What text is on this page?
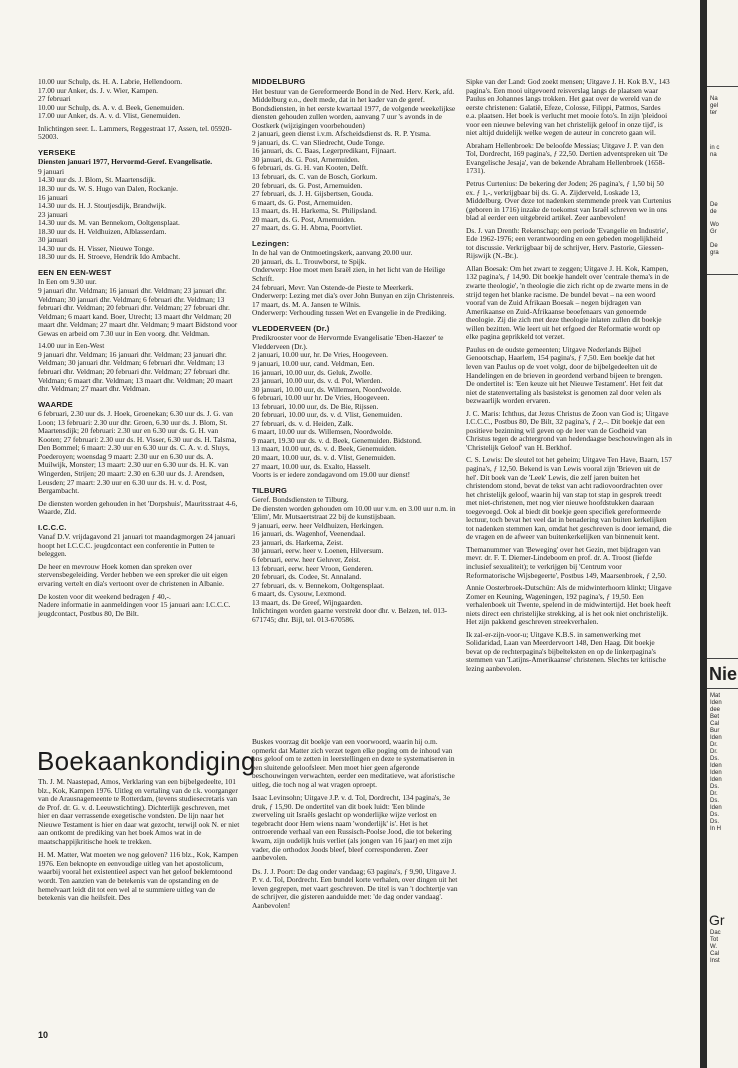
10.00 uur Schulp, ds. H. A. Labrie, Hellendoorn.
17.00 uur Anker, ds. J. v. Wier, Kampen.
27 februari
10.00 uur Schulp, ds. A. v. d. Beek, Genemuiden.
17.00 uur Anker, ds. A. v. d. Vlist, Genemuiden.

Inlichtingen seer. L. Lammers, Reggestraat 17, Assen, tel. 05920-52003.

YERSEKE
Diensten januari 1977, Hervormd-Geref. Evangelisatie.

9 januari
14.30 uur ds. J. Blom, St. Maartensdijk.
18.30 uur ds. W. S. Hugo van Dalen, Rockanje.
16 januari
14.30 uur ds. H. J. Stoutjesdijk, Brandwijk.
23 januari
14.30 uur ds. M. van Bennekom, Ooltgensplaat.
18.30 uur ds. H. Veldhuizen, Alblasserdam.
30 januari
14.30 uur ds. H. Visser, Nieuwe Tonge.
18.30 uur ds. H. Stroeve, Hendrik Ido Ambacht.

EEN EN EEN-WEST

In Een om 9.30 uur.
9 januari dhr. Veldman; 16 januari dhr. Veldman; 23 januari dhr. Veldman; 30 januari dhr. Veldman; 6 februari dhr. Veldman; 13 februari dhr. Veldman; 20 februari dhr. Veldman; 27 februari dhr. Veldman; 6 maart kand. Boer, Utrecht; 13 maart dhr Veldman; 20 maart dhr. Veldman; 27 maart dhr. Veldman; 9 maart Bidstond voor Gewas en arbeid om 7.30 uur in Een voorg. dhr. Veldman.

14.00 uur in Een-West
9 januari dhr. Veldman; 16 januari dhr. Veldman; 23 januari dhr. Veldman; 30 januari dhr. Veldman; 6 februari dhr. Veldman; 13 februari dhr. Veldman; 20 februari dhr. Veldman; 27 februari dhr. Veldman; 6 maart dhr. Veldman; 13 maart dhr. Veldman; 20 maart dhr. Veldman; 27 maart dhr. Veldman.

WAARDE

6 februari, 2.30 uur ds. J. Hoek, Groenekan; 6.30 uur ds. J. G. van Loon; 13 februari: 2.30 uur dhr. Groen, 6.30 uur ds. J. Blom, St. Maartensdijk; 20 februari: 2.30 uur en 6.30 uur ds. G. H. van Kooten; 27 februari: 2.30 uur ds. H. Visser, 6.30 uur ds. H. Talsma, Den Bommel; 6 maart: 2.30 uur en 6.30 uur ds. C. A. v. d. Sluys, Poederoyen; woensdag 9 maart: 2.30 uur en 6.30 uur ds. A. Muilwijk, Monster; 13 maart: 2.30 uur en 6.30 uur ds. H. K. van Wingerden, Strijen; 20 maart: 2.30 en 6.30 uur ds. J. Arendsen, Leusden; 27 maart: 2.30 uur en 6.30 uur ds. H. v. d. Post, Bergambacht.

De diensten worden gehouden in het 'Dorpshuis', Mauritsstraat 4-6, Waarde, Zld.

I.C.C.C.

Vanaf D.V. vrijdagavond 21 januari tot maandagmorgen 24 januari hoopt het I.C.C.C. jeugdcontact een conferentie in Putten te beleggen.

De heer en mevrouw Hoek komen dan spreken over stervensbegeleiding. Verder hebben we een spreker die uit eigen ervaring vertelt en dia's vertoont over de christenen in Albanie.

De kosten voor dit weekend bedragen ƒ 40,-.
Nadere informatie in aanmeldingen voor 15 januari aan: I.C.C.C. jeugdcontact, Postbus 80, De Bilt.

MIDDELBURG

Het bestuur van de Gereformeerde Bond in de Ned. Herv. Kerk, afd. Middelburg e.o., deelt mede, dat in het kader van de geref. Bondsdiensten, in het eerste kwartaal 1977, de volgende weekelijkse diensten gehouden zullen worden, aanvang 7 uur 's avonds in de Oostkerk (wijzigingen voorbehouden)
2 januari, geen dienst i.v.m. Afscheidsdienst ds. R. P. Ytsma.
9 januari, ds. C. van Sliedrecht, Oude Tonge.
16 januari, ds. C. Baas, Legerpredikant, Fijnaart.
30 januari, ds. G. Post, Arnemuiden.
6 februari, ds. G. H. van Kooten, Delft.
13 februari, ds. C. van de Bosch, Gorkum.
20 februari, ds. G. Post, Arnemuiden.
27 februari, ds. J. H. Gijsbertsen, Gouda.
6 maart, ds. G. Post, Arnemuiden.
13 maart, ds. H. Harkema, St. Philipsland.
20 maart, ds. G. Post, Arnemuiden.
27 maart, ds. G. H. Abma, Poortvliet.

Lezingen:

In de hal van de Ontmoetingskerk, aanvang 20.00 uur.
20 januari, ds. L. Trouwborst, te Spijk.
Onderwerp: Hoe moet men Israël zien, in het licht van de Heilige Schrift.
24 februari, Mevr. Van Ostende-de Pieste te Meerkerk.
Onderwerp: Lezing met dia's over John Bunyan en zijn Christenreis.
17 maart, ds. M. A. Jansen te Wilnis.
Onderwerp: Verhouding tussen Wet en Evangelie in de Prediking.

VLEDDERVEEN (Dr.)

Predikrooster voor de Hervormde Evangelisatie 'Eben-Haezer' te Vledderveen (Dr.).
2 januari, 10.00 uur, hr. De Vries, Hoogeveen.
9 januari, 10.00 uur, cand. Veldman, Een.
16 januari, 10.00 uur, ds. Geluk, Zwolle.
23 januari, 10.00 uur, ds. v. d. Pol, Wierden.
30 januari, 10.00 uur, ds. Willemsen, Noordwolde.
6 februari, 10.00 uur hr. De Vries, Hoogeveen.
13 februari, 10.00 uur, ds. De Bie, Rijssen.
20 februari, 10.00 uur, ds. v. d. Vlist, Genemuiden.
27 februari, ds. v. d. Heiden, Zalk.
6 maart, 10.00 uur ds. Willemsen, Noordwolde.
9 maart, 19.30 uur ds. v. d. Beek, Genemuiden. Bidstond.
13 maart, 10.00 uur, ds. v. d. Beek, Genemuiden.
20 maart, 10.00 uur, ds. v. d. Vlist, Genemuiden.
27 maart, 10.00 uur, ds. Exalto, Hasselt.
Voorts is er iedere zondagavond om 19.00 uur dienst!

TILBURG

Geref. Bondsdiensten te Tilburg.
De diensten worden gehouden om 10.00 uur v.m. en 3.00 uur n.m. in 'Elim', Mr. Mutsaertstraat 22 bij de kunstijsbaan.
9 januari, eerw. heer Veldhuizen, Herkingen.
16 januari, ds. Wagenhof, Veenendaal.
23 januari, ds. Harkema, Zeist.
30 januari, eerw. heer v. Loenen, Hilversum.
6 februari, eerw. heer Geluver, Zeist.
13 februari, eerw. heer Vroon, Genderen.
20 februari, ds. Codee, St. Annaland.
27 februari, ds. v. Bennekom, Ooltgensplaat.
6 maart, ds. Cysouw, Lexmond.
13 maart, ds. De Greef, Wijngaarden.
Inlichtingen worden gaarne verstrekt door dhr. v. Belzen, tel. 013-671745; dhr. Bijl, tel. 013-670586.

Sipke van der Land: God zoekt mensen; Uitgave J. H. Kok B.V., 143 pagina's. Een mooi uitgevoerd reisverslag langs de plaatsen waar Paulus en Johannes langs trokken. Het gaat over de wereld van de eerste christenen: Galatië, Efeze, Colosse, Filippi, Patmos, Sardes e.a. plaatsen. Het boek is verlucht met mooie foto's. In zijn 'pleidooi voor een nieuwe beleving van het christelijk geloof in onze tijd', is niet altijd duidelijk welke wegen de auteur in concreto gaan wil.

Abraham Hellenbroek: De beloofde Messias; Uitgave J. P. van den Tol, Dordrecht, 169 pagina's, ƒ 22,50. Dertien adventspreken uit 'De Evangelische Jesaja', van de bekende Abraham Hellenbroek (1658-1731).

Petrus Curtenius: De bekering der Joden; 26 pagina's, ƒ 1,50 bij 50 ex. ƒ 1,-, verkrijgbaar bij ds. G. A. Zijderveld, Loskade 13, Middelburg. Over deze tot nadenken stemmende preek van Curtenius (geboren in 1716) inzake de toekomst van Israël schreven we in ons blad al eerder een uitgebreid artikel. Zeer aanbevolen!

Ds. J. van Drenth: Rekenschap; een periode 'Evangelie en Industrie', Ede 1962-1976; een verantwoording en een gebeden mogelijkheid tot discussie. Verkrijgbaar bij de schrijver, Herv. Pastorie, Giessen-Rijswijk (N.-Br.).

Allan Boesak: Om het zwart te zeggen; Uitgave J. H. Kok, Kampen, 132 pagina's, ƒ 14,90. Dit boekje handelt over 'centrale thema's in de zwarte theologie', 'n theologie die zich richt op de zwarte mens in de strijd tegen het blanke racisme. De bundel bevat – na een woord vooraf van de Zuid Afrikaan Boesak – negen bijdragen van Amerikaanse en Zuid-Afrikaanse beoefenaars van genoemde theologie. Zij die zich met deze theologie inlaten zullen dit boekje willen bezitten. Wie leert uit het erfgoed der Reformatie wordt op elke pagina geprikkeld tot verzet.

Paulus en de oudste gemeenten; Uitgave Nederlands Bijbel Genootschap, Haarlem, 154 pagina's, ƒ 7,50. Een boekje dat het leven van Paulus op de voet volgt, door de bijbelgedeelten uit de Handelingen en de brieven in geordend verband bijeen te brengen. De ondertitel is: 'Een keuze uit het Nieuwe Testament'. Het feit dat niet de statenvertaling als basistekst is genomen zal door velen als bezwaarlijk worden ervaren.

J. C. Maris: Ichthus, dat Jezus Christus de Zoon van God is; Uitgave I.C.C.C., Postbus 80, De Bilt, 32 pagina's, ƒ 2,–. Dit boekje dat een positieve bezinning wil geven op de leer van de Godheid van Christus tegen de achtergrond van hedendaagse beschouwingen als in 'Christelijk Geloof' van H. Berkhof.

C. S. Lewis: De sleutel tot het geheim; Uitgave Ten Have, Baarn, 157 pagina's, ƒ 12,50. Bekend is van Lewis vooral zijn 'Brieven uit de hel'. Dit boek van de 'Leek' Lewis, die zelf jaren buiten het christendom stond, bevat de tekst van acht radiovoordrachten over het christelijk geloof, waarin hij van stap tot stap in gesprek treedt met niet-christenen, met nog vier nieuwe hoofdstukken daaraan toegevoegd. Ook al biedt dit boekje geen specifiek gereformeerde lectuur, toch bevat het veel dat in benadering van buiten kerkelijken tot nadenken stemmen kan, omdat het geschreven is door iemand, die de vragen en de afweer van buitenkerkelijken van binnenuit kent.

Themanummer van 'Beweging' over het Gezin, met bijdragen van mevr. dr. F. T. Diemer-Lindeboom en prof. dr. A. Troost (liefde inclusief sexualiteit); te verkrijgen bij 'Centrum voor Reformatorische Wijsbegeerte', Postbus 149, Maarsenbroek, ƒ 2,50.

Annie Oosterbroek-Dutschün: Als de midwinterhoorn klinkt; Uitgave Zomer en Keuning, Wageningen, 192 pagina's, ƒ 19,50. Een verhalenboek uit Twente, spelend in de midwintertijd. Het boek heeft niets direct een christelijke strekking, al is het ook niet onchristelijk. Het zijn pakkend geschreven streekverhalen.

Ik zal-er-zijn-voor-u; Uitgave K.B.S. in samenwerking met Solidaridad, Laan van Meerdervoort 148, Den Haag. Dit boekje bevat op de rechterpagina's bijbelteksten en op de linkerpagina's stemmen van 'Latijns-Amerikaanse' christenen. Slechts ter kritische lezing aanbevolen.

Boekaankondiging

Th. J. M. Naastepad, Amos, Verklaring van een bijbelgedeelte, 101 blz., Kok, Kampen 1976. Uitleg en vertaling van de r.k. voorganger van de Arausnagemeente te Rotterdam, (tevens studiesecretaris van de Prof. dr. G. v. d. Leeuwstichting). Dichterlijk geschreven, met hier en daar verrassende exegetische vondsten. De lijn naar het Nieuwe Testament is hier en daar wat gezocht, terwijl ook N. er niet aan ontkomt de prediking van het boek Amos wat in de maatschappijkritische hoek te trekken.

H. M. Matter, Wat moeten we nog geloven? 116 blz., Kok, Kampen 1976. Een beknopte en eenvoudige uitleg van het apostolicum, waarbij vooral het existentieel aspect van het geloof beklemtoond wordt. Ten aanzien van de betekenis van de opstanding en de hemelvaart leidt dit tot een wel al te summiere uitleg van de betekenis van die heilsfeit. Des

Buskes voorzag dit boekje van een voorwoord, waarin hij o.m. opmerkt dat Matter zich verzet tegen elke poging om de inhoud van ons geloof om te zetten in leerstellingen en deze te systematiseren in een sluitende geloofsleer. Men moet hier geen afgeronde beschouwingen verwachten, eerder een meditatieve, wat aforistische uitleg, die toch nog al wat vragen oproept.

Isaac Levinsohn; Uitgave J.P. v. d. Tol, Dordrecht, 134 pagina's, 3e druk, ƒ 15,90. De ondertitel van dit boek luidt: 'Een blinde zwerveling uit Israëls geslacht op wonderlijke wijze verlost en tegebracht door Hem wiens naam 'wonderlijk' is'. Het is het ontroerende verhaal van een Russisch-Poolse Jood, die tot bekering kwam, zijn oudelijk huis verliet (als jongen van 16 jaar) en met zijn vader, die orthodox Joods bleef, bleef corresponderen. Zeer aanbevolen.

Ds. J. J. Poort: De dag onder vandaag; 63 pagina's, ƒ 9,90, Uitgave J. P. v. d. Tol, Dordrecht. Een bundel korte verhalen, over dingen uit het leven gegrepen, met vaart geschreven. De titel is van 't dochtertje van de schrijver, die gisteren aanduidde met: 'de dag onder vandaag'. Aanbevolen!

10
Na
gel
ter
in c
na
De
de
Wo
Gr
De
gra
Nie
Gr
Mat
Iden
dee
Bet
Cal
Bur
Iden
Dr.
Dr.
Ds.
Iden
Iden
Iden
Ds.
Dr.
Ds.
Iden
Ds.
Ds.
In H
Dac
Tot
W.
Cal
Inst
